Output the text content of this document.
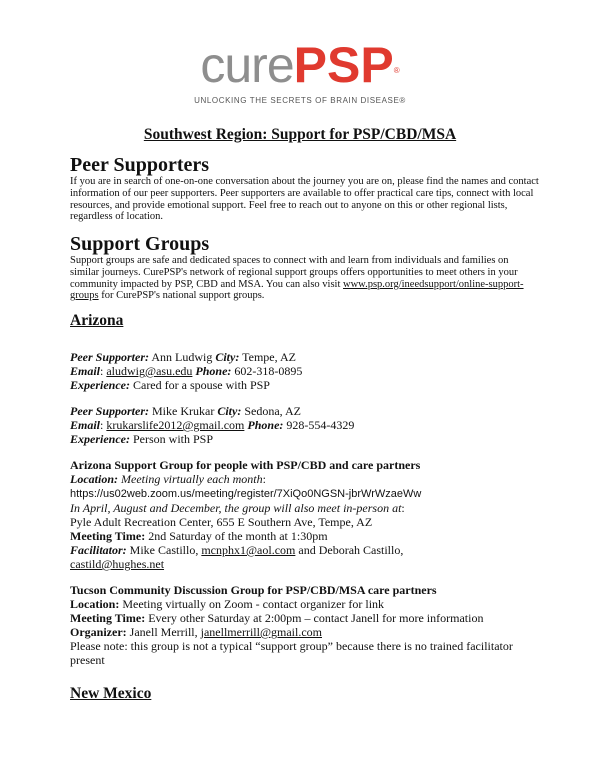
curePSP®
UNLOCKING THE SECRETS OF BRAIN DISEASE®
Southwest Region: Support for PSP/CBD/MSA
Peer Supporters

If you are in search of one-on-one conversation about the journey you are on, please find the names and contact information of our peer supporters. Peer supporters are available to offer practical care tips, connect with local resources, and provide emotional support. Feel free to reach out to anyone on this or other regional lists, regardless of location.

Support Groups

Support groups are safe and dedicated spaces to connect with and learn from individuals and families on similar journeys. CurePSP's network of regional support groups offers opportunities to meet others in your community impacted by PSP, CBD and MSA. You can also visit www.psp.org/ineedsupport/online-support-groups for CurePSP's national support groups.

Arizona

Peer Supporter: Ann Ludwig City: Tempe, AZ

Email: aludwig@asu.edu Phone: 602-318-0895

Experience: Cared for a spouse with PSP

Peer Supporter: Mike Krukar City: Sedona, AZ

Email: krukarslife2012@gmail.com Phone: 928-554-4329

Experience: Person with PSP

Arizona Support Group for people with PSP/CBD and care partners

Location: Meeting virtually each month:

https://us02web.zoom.us/meeting/register/7XiQo0NGSN-jbrWrWzaeWw

In April, August and December, the group will also meet in-person at:

Pyle Adult Recreation Center, 655 E Southern Ave, Tempe, AZ

Meeting Time: 2nd Saturday of the month at 1:30pm

Facilitator: Mike Castillo, mcnphx1@aol.com and Deborah Castillo,

castild@hughes.net

Tucson Community Discussion Group for PSP/CBD/MSA care partners

Location: Meeting virtually on Zoom - contact organizer for link

Meeting Time: Every other Saturday at 2:00pm – contact Janell for more information

Organizer: Janell Merrill, janellmerrill@gmail.com

Please note: this group is not a typical “support group” because there is no trained facilitator present

New Mexico
